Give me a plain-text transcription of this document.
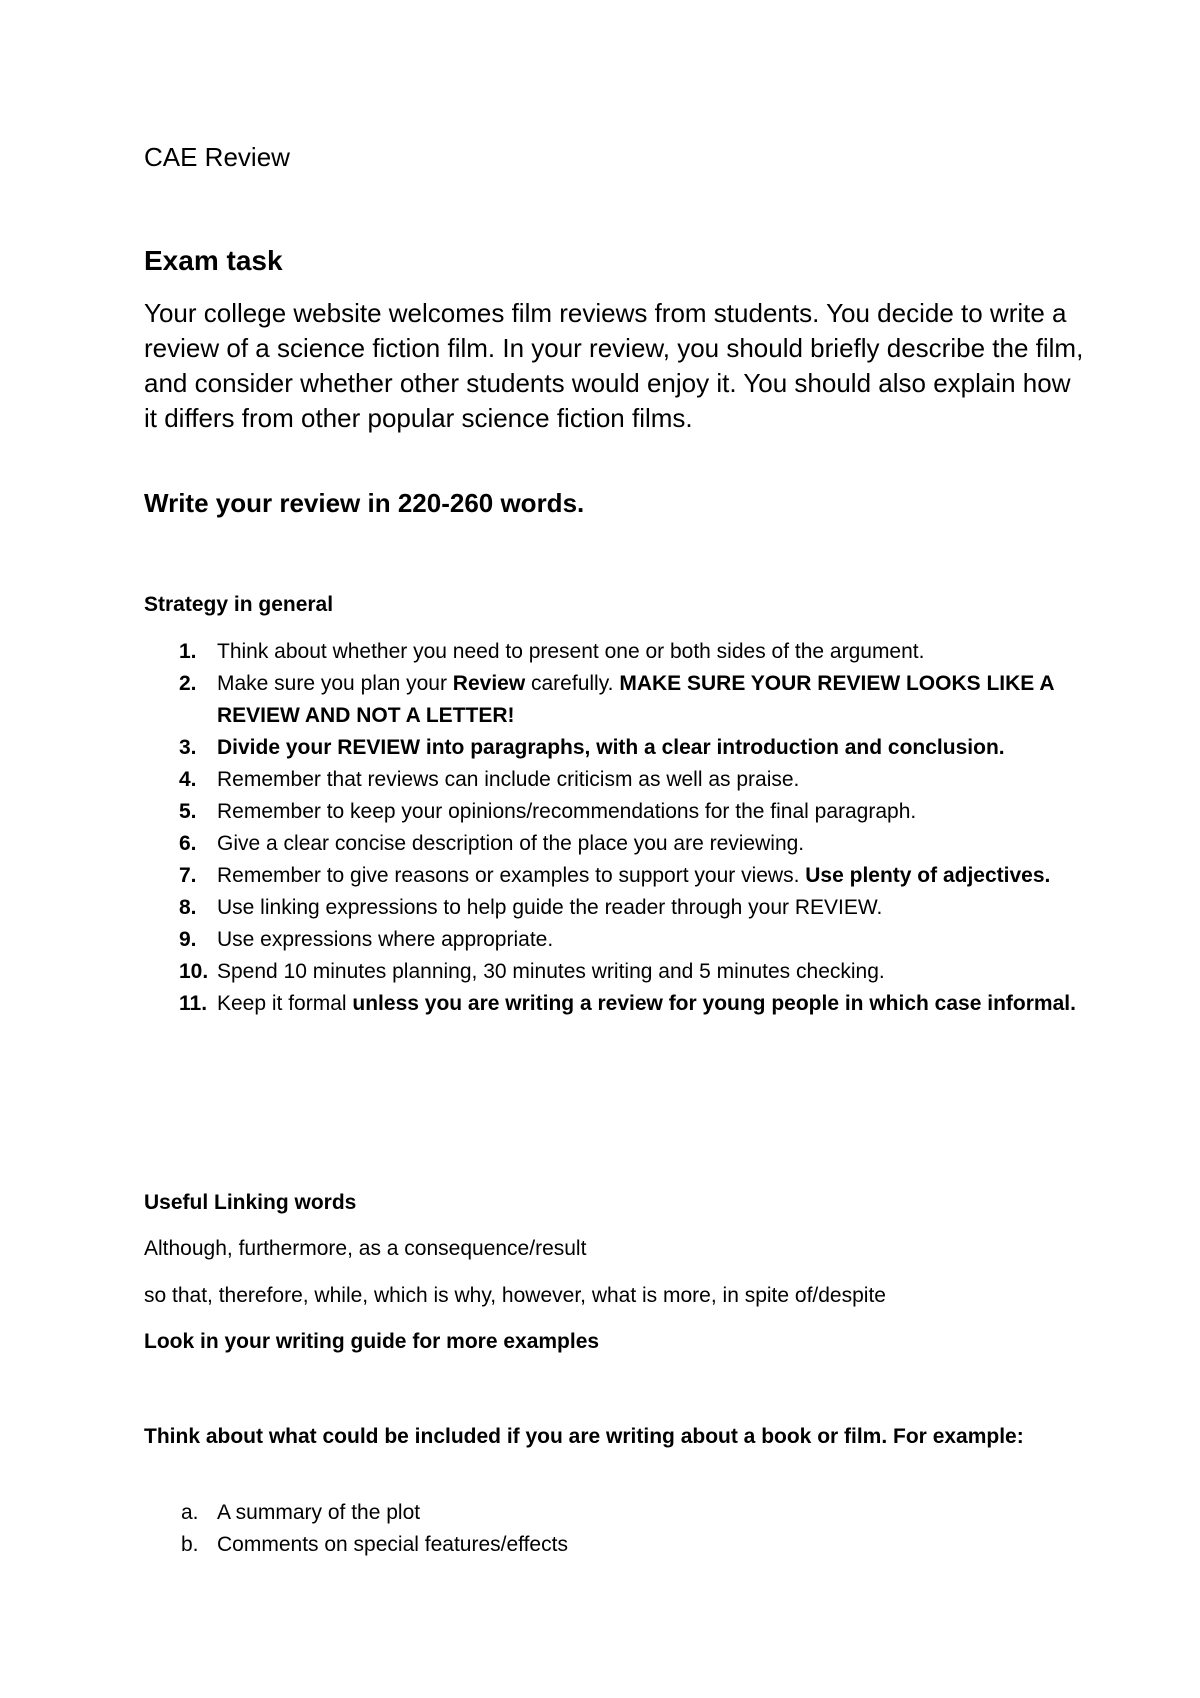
CAE Review
Exam task

Your college website welcomes film reviews from students. You decide to write a review of a science fiction film. In your review, you should briefly describe the film, and consider whether other students would enjoy it. You should also explain how it differs from other popular science fiction films.

Write your review in 220-260 words.

Strategy in general
1. Think about whether you need to present one or both sides of the argument.
2. Make sure you plan your Review carefully. MAKE SURE YOUR REVIEW LOOKS LIKE A REVIEW AND NOT A LETTER!
3. Divide your REVIEW into paragraphs, with a clear introduction and conclusion.
4. Remember that reviews can include criticism as well as praise.
5. Remember to keep your opinions/recommendations for the final paragraph.
6. Give a clear concise description of the place you are reviewing.
7. Remember to give reasons or examples to support your views. Use plenty of adjectives.
8. Use linking expressions to help guide the reader through your REVIEW.
9. Use expressions where appropriate.
10. Spend 10 minutes planning, 30 minutes writing and 5 minutes checking.
11. Keep it formal unless you are writing a review for young people in which case informal.
Useful Linking words

Although, furthermore, as a consequence/result

so that, therefore, while, which is why, however, what is more, in spite of/despite

Look in your writing guide for more examples

Think about what could be included if you are writing about a book or film. For example:

a. A summary of the plot
b. Comments on special features/effects
